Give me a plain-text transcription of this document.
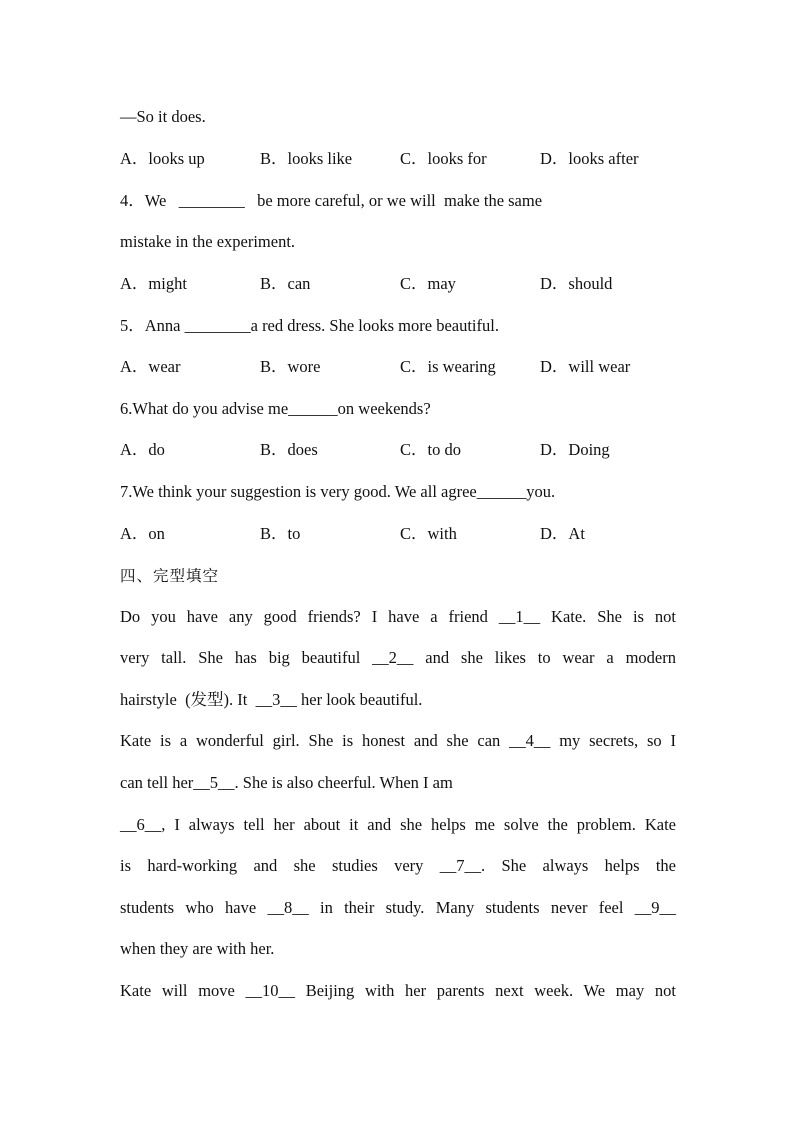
—So it does.
A．looks up	B．looks like	C．looks for	D．looks after
4．We   ________   be more careful, or we will  make the same
mistake in the experiment.
A．might	B．can	C．may	D．should
5．Anna ________a red dress. She looks more beautiful.
A．wear	B．wore	C．is wearing	D．will wear
6.What do you advise me______on weekends?
A．do	B．does	C．to do	D．Doing
7.We think your suggestion is very good. We all agree______you.
A．on	B．to	C．with	D．At
四、完型填空
Do you have any good friends? I have a friend __1__ Kate. She is not
very tall. She has big beautiful __2__ and she likes to wear a modern
hairstyle  (发型). It  __3__ her look beautiful.
Kate is a wonderful girl. She is honest and she can __4__ my secrets, so I
can tell her__5__. She is also cheerful. When I am
__6__, I always tell her about it and she helps me solve the problem. Kate
is hard-working and she studies very __7__. She always helps the
students who have __8__ in their study. Many students never feel __9__
when they are with her.
Kate will move __10__ Beijing with her parents next week. We may not
